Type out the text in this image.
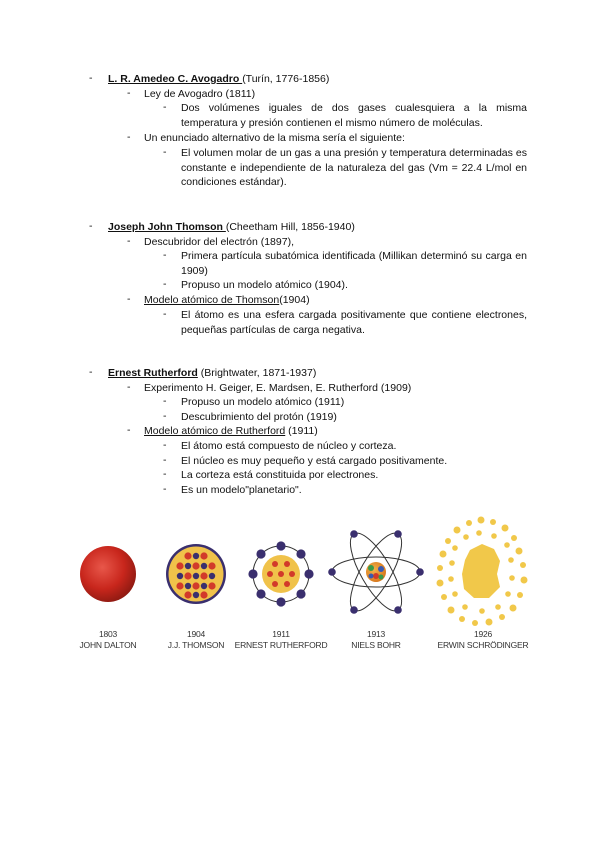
- L. R. Amedeo C. Avogadro (Turín, 1776-1856)
- Ley de Avogadro (1811)
- Dos volúmenes iguales de dos gases cualesquiera a la misma temperatura y presión contienen el mismo número de moléculas.
- Un enunciado alternativo de la misma sería el siguiente:
- El volumen molar de un gas a una presión y temperatura determinadas es constante e independiente de la naturaleza del gas (Vm = 22.4 L/mol en condiciones estándar).
- Joseph John Thomson (Cheetham Hill, 1856-1940)
- Descubridor del electrón (1897),
- Primera partícula subatómica identificada (Millikan determinó su carga en 1909)
- Propuso un modelo atómico (1904).
- Modelo atómico de Thomson(1904)
- El átomo es una esfera cargada positivamente que contiene electrones, pequeñas partículas de carga negativa.
- Ernest Rutherford (Brightwater, 1871-1937)
- Experimento H. Geiger, E. Mardsen, E. Rutherford (1909)
- Propuso un modelo atómico (1911)
- Descubrimiento del protón (1919)
- Modelo atómico de Rutherford (1911)
- El átomo está compuesto de núcleo y corteza.
- El núcleo es muy pequeño y está cargado positivamente.
- La corteza está constituida por electrones.
- Es un modelo"planetario".
1803
JOHN DALTON
1904
J.J. THOMSON
1911
ERNEST RUTHERFORD
1913
NIELS BOHR
1926
ERWIN SCHRÖDINGER
